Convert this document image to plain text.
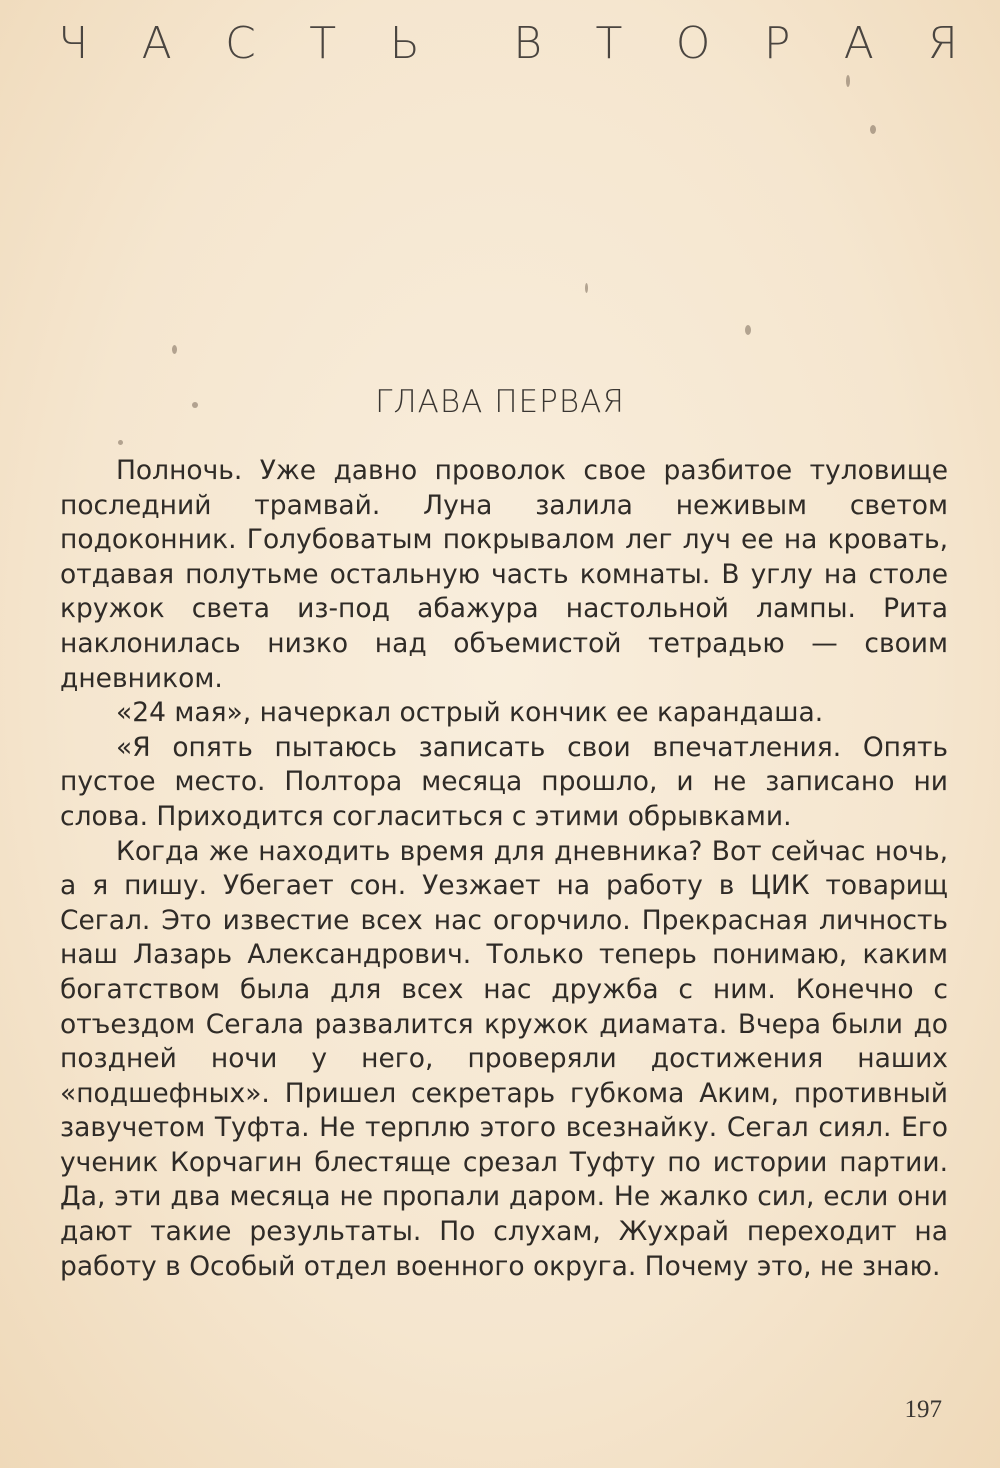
Ч А С Т Ь В Т О Р А Я
ГЛАВА ПЕРВАЯ

Полночь. Уже давно проволок свое разбитое туловище последний трамвай. Луна залила неживым светом подоконник. Голубоватым покрывалом лег луч ее на кровать, отдавая полутьме остальную часть комнаты. В углу на столе кружок света из-под абажура настольной лампы. Рита наклонилась низко над объемистой тетрадью — своим дневником.

«24 мая», начеркал острый кончик ее карандаша.

«Я опять пытаюсь записать свои впечатления. Опять пустое место. Полтора месяца прошло, и не записано ни слова. Приходится согласиться с этими обрывками.

Когда же находить время для дневника? Вот сейчас ночь, а я пишу. Убегает сон. Уезжает на работу в ЦИК товарищ Сегал. Это известие всех нас огорчило. Прекрасная личность наш Лазарь Александрович. Только теперь понимаю, каким богатством была для всех нас дружба с ним. Конечно с отъездом Сегала развалится кружок диамата. Вчера были до поздней ночи у него, проверяли достижения наших «подшефных». Пришел секретарь губкома Аким, противный завучетом Туфта. Не терплю этого всезнайку. Сегал сиял. Его ученик Корчагин блестяще срезал Туфту по истории партии. Да, эти два месяца не пропали даром. Не жалко сил, если они дают такие результаты. По слухам, Жухрай переходит на работу в Особый отдел военного округа. Почему это, не знаю.

197
